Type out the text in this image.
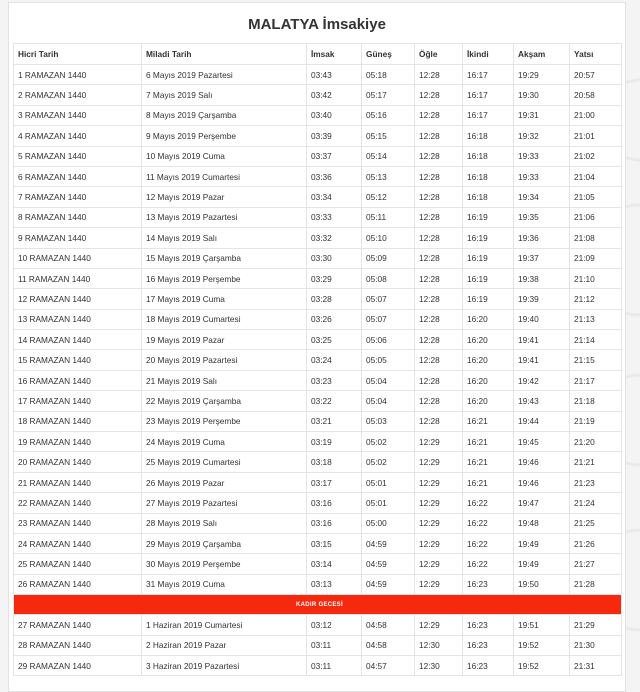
MALATYA İmsakiye
Hicri Tarih	Miladi Tarih	İmsak	Güneş	Öğle	İkindi	Akşam	Yatsı
1 RAMAZAN 1440	6 Mayıs 2019 Pazartesi	03:43	05:18	12:28	16:17	19:29	20:57
2 RAMAZAN 1440	7 Mayıs 2019 Salı	03:42	05:17	12:28	16:17	19:30	20:58
3 RAMAZAN 1440	8 Mayıs 2019 Çarşamba	03:40	05:16	12:28	16:17	19:31	21:00
4 RAMAZAN 1440	9 Mayıs 2019 Perşembe	03:39	05:15	12:28	16:18	19:32	21:01
5 RAMAZAN 1440	10 Mayıs 2019 Cuma	03:37	05:14	12:28	16:18	19:33	21:02
6 RAMAZAN 1440	11 Mayıs 2019 Cumartesi	03:36	05:13	12:28	16:18	19:33	21:04
7 RAMAZAN 1440	12 Mayıs 2019 Pazar	03:34	05:12	12:28	16:18	19:34	21:05
8 RAMAZAN 1440	13 Mayıs 2019 Pazartesi	03:33	05:11	12:28	16:19	19:35	21:06
9 RAMAZAN 1440	14 Mayıs 2019 Salı	03:32	05:10	12:28	16:19	19:36	21:08
10 RAMAZAN 1440	15 Mayıs 2019 Çarşamba	03:30	05:09	12:28	16:19	19:37	21:09
11 RAMAZAN 1440	16 Mayıs 2019 Perşembe	03:29	05:08	12:28	16:19	19:38	21:10
12 RAMAZAN 1440	17 Mayıs 2019 Cuma	03:28	05:07	12:28	16:19	19:39	21:12
13 RAMAZAN 1440	18 Mayıs 2019 Cumartesi	03:26	05:07	12:28	16:20	19:40	21:13
14 RAMAZAN 1440	19 Mayıs 2019 Pazar	03:25	05:06	12:28	16:20	19:41	21:14
15 RAMAZAN 1440	20 Mayıs 2019 Pazartesi	03:24	05:05	12:28	16:20	19:41	21:15
16 RAMAZAN 1440	21 Mayıs 2019 Salı	03:23	05:04	12:28	16:20	19:42	21:17
17 RAMAZAN 1440	22 Mayıs 2019 Çarşamba	03:22	05:04	12:28	16:20	19:43	21:18
18 RAMAZAN 1440	23 Mayıs 2019 Perşembe	03:21	05:03	12:28	16:21	19:44	21:19
19 RAMAZAN 1440	24 Mayıs 2019 Cuma	03:19	05:02	12:29	16:21	19:45	21:20
20 RAMAZAN 1440	25 Mayıs 2019 Cumartesi	03:18	05:02	12:29	16:21	19:46	21:21
21 RAMAZAN 1440	26 Mayıs 2019 Pazar	03:17	05:01	12:29	16:21	19:46	21:23
22 RAMAZAN 1440	27 Mayıs 2019 Pazartesi	03:16	05:01	12:29	16:22	19:47	21:24
23 RAMAZAN 1440	28 Mayıs 2019 Salı	03:16	05:00	12:29	16:22	19:48	21:25
24 RAMAZAN 1440	29 Mayıs 2019 Çarşamba	03:15	04:59	12:29	16:22	19:49	21:26
25 RAMAZAN 1440	30 Mayıs 2019 Perşembe	03:14	04:59	12:29	16:22	19:49	21:27
26 RAMAZAN 1440	31 Mayıs 2019 Cuma	03:13	04:59	12:29	16:23	19:50	21:28
KADIR GECESİ							
27 RAMAZAN 1440	1 Haziran 2019 Cumartesi	03:12	04:58	12:29	16:23	19:51	21:29
28 RAMAZAN 1440	2 Haziran 2019 Pazar	03:11	04:58	12:30	16:23	19:52	21:30
29 RAMAZAN 1440	3 Haziran 2019 Pazartesi	03:11	04:57	12:30	16:23	19:52	21:31
